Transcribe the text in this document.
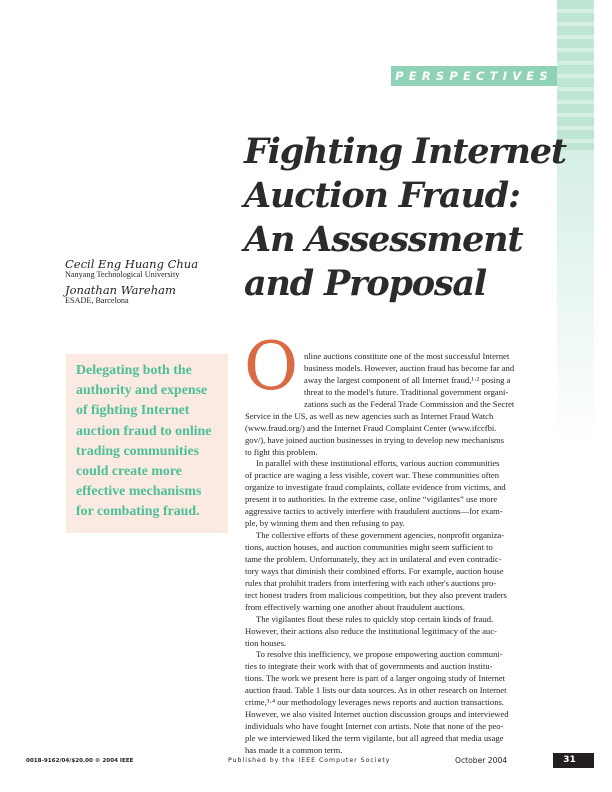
PERSPECTIVES
Fighting Internet
Auction Fraud:
An Assessment
and Proposal
Cecil Eng Huang Chua
Nanyang Technological University
Jonathan Wareham
ESADE, Barcelona
Delegating both the
authority and expense
of fighting Internet
auction fraud to online
trading communities
could create more
effective mechanisms
for combating fraud.
O nline auctions constitute one of the most successful Internet
business models. However, auction fraud has become far and
away the largest component of all Internet fraud,¹·² posing a
threat to the model's future. Traditional government organi-
zations such as the Federal Trade Commission and the Secret
Service in the US, as well as new agencies such as Internet Fraud Watch
(www.fraud.org/) and the Internet Fraud Complaint Center (www.ifccfbi.
gov/), have joined auction businesses in trying to develop new mechanisms
to fight this problem.
In parallel with these institutional efforts, various auction communities
of practice are waging a less visible, covert war. These communities often
organize to investigate fraud complaints, collate evidence from victims, and
present it to authorities. In the extreme case, online “vigilantes” use more
aggressive tactics to actively interfere with fraudulent auctions—for exam-
ple, by winning them and then refusing to pay.
The collective efforts of these government agencies, nonprofit organiza-
tions, auction houses, and auction communities might seem sufficient to
tame the problem. Unfortunately, they act in unilateral and even contradic-
tory ways that diminish their combined efforts. For example, auction house
rules that prohibit traders from interfering with each other's auctions pro-
tect honest traders from malicious competition, but they also prevent traders
from effectively warning one another about fraudulent auctions.
The vigilantes flout these rules to quickly stop certain kinds of fraud.
However, their actions also reduce the institutional legitimacy of the auc-
tion houses.
To resolve this inefficiency, we propose empowering auction communi-
ties to integrate their work with that of governments and auction institu-
tions. The work we present here is part of a larger ongoing study of Internet
auction fraud. Table 1 lists our data sources. As in other research on Internet
crime,³·⁴ our methodology leverages news reports and auction transactions.
However, we also visited Internet auction discussion groups and interviewed
individuals who have fought Internet con artists. Note that none of the peo-
ple we interviewed liked the term vigilante, but all agreed that media usage
has made it a common term.
0018-9162/04/$20.00 © 2004 IEEE	Published by the IEEE Computer Society	October 2004	31
